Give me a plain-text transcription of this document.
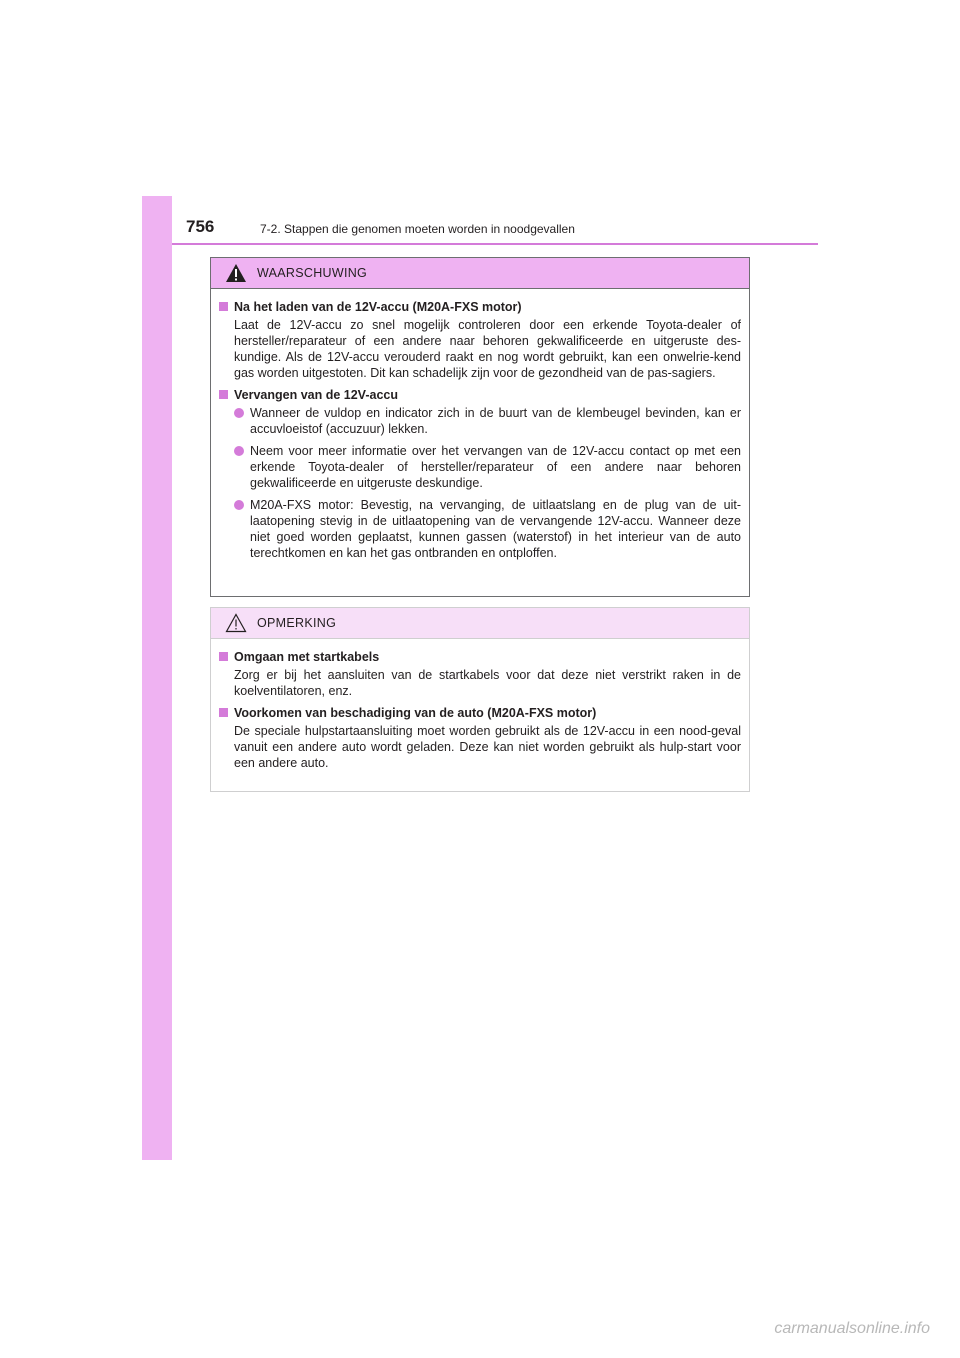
756	7-2. Stappen die genomen moeten worden in noodgevallen
WAARSCHUWING
Na het laden van de 12V-accu (M20A-FXS motor)
Laat de 12V-accu zo snel mogelijk controleren door een erkende Toyota-dealer of hersteller/reparateur of een andere naar behoren gekwalificeerde en uitgeruste des-kundige. Als de 12V-accu verouderd raakt en nog wordt gebruikt, kan een onwelrie-kend gas worden uitgestoten. Dit kan schadelijk zijn voor de gezondheid van de pas-sagiers.
Vervangen van de 12V-accu
Wanneer de vuldop en indicator zich in de buurt van de klembeugel bevinden, kan er accuvloeistof (accuzuur) lekken.
Neem voor meer informatie over het vervangen van de 12V-accu contact op met een erkende Toyota-dealer of hersteller/reparateur of een andere naar behoren gekwalificeerde en uitgeruste deskundige.
M20A-FXS motor: Bevestig, na vervanging, de uitlaatslang en de plug van de uit-laatopening stevig in de uitlaatopening van de vervangende 12V-accu. Wanneer deze niet goed worden geplaatst, kunnen gassen (waterstof) in het interieur van de auto terechtkomen en kan het gas ontbranden en ontploffen.
OPMERKING
Omgaan met startkabels
Zorg er bij het aansluiten van de startkabels voor dat deze niet verstrikt raken in de koelventilatoren, enz.
Voorkomen van beschadiging van de auto (M20A-FXS motor)
De speciale hulpstartaansluiting moet worden gebruikt als de 12V-accu in een nood-geval vanuit een andere auto wordt geladen. Deze kan niet worden gebruikt als hulp-start voor een andere auto.
carmanualsonline.info
